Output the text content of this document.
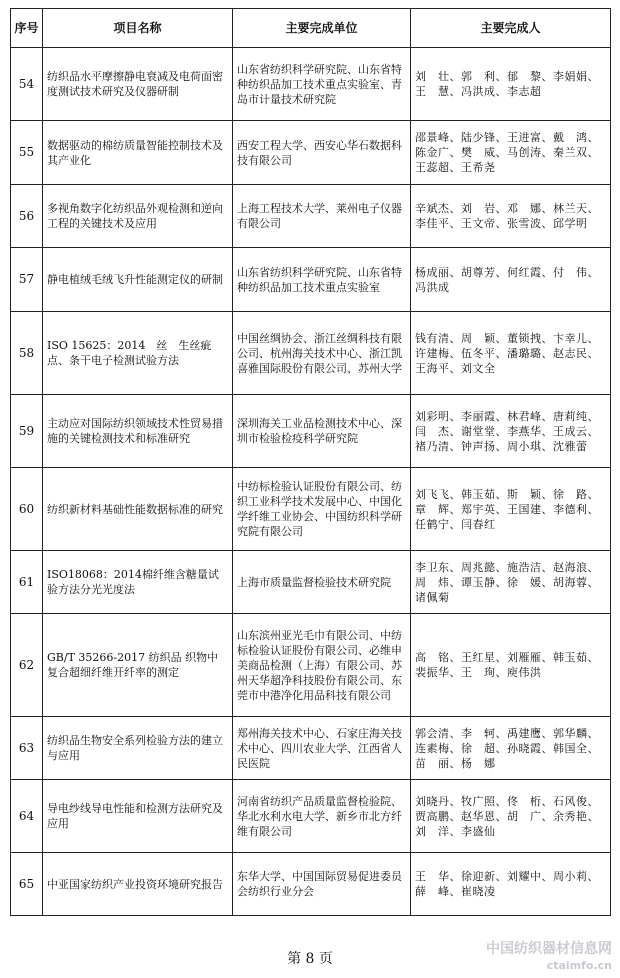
序号	项目名称	主要完成单位	主要完成人
54	纺织品水平摩擦静电衰减及电荷面密度测试技术研究及仪器研制	山东省纺织科学研究院、山东省特种纺织品加工技术重点实验室、青岛市计量技术研究院	刘　壮、郭　利、郁　黎、李娟娟、王　慧、冯洪成、李志超
55	数据驱动的棉纺质量智能控制技术及其产业化	西安工程大学、西安心华石数据科技有限公司	邵景峰、陆少锋、王进富、戴　鸿、陈金广、樊　威、马创涛、秦兰双、王蕊超、王希尧
56	多视角数字化纺织品外观检测和逆向工程的关键技术及应用	上海工程技术大学、莱州电子仪器有限公司	辛斌杰、刘　岩、邓　娜、林兰天、李佳平、王文帝、张雪波、邱学明
57	静电植绒毛绒飞升性能测定仪的研制	山东省纺织科学研究院、山东省特种纺织品加工技术重点实验室	杨成丽、胡尊芳、何红霞、付　伟、冯洪成
58	ISO 15625：2014　丝　生丝疵点、条干电子检测试验方法	中国丝绸协会、浙江丝绸科技有限公司、杭州海关技术中心、浙江凯喜雅国际股份有限公司、苏州大学	钱有清、周　颖、董锁拽、卞幸儿、许建梅、伍冬平、潘璐璐、赵志民、王海平、刘文全
59	主动应对国际纺织领域技术性贸易措施的关键检测技术和标准研究	深圳海关工业品检测技术中心、深圳市检验检疫科学研究院	刘彩明、李丽霞、林君峰、唐莉纯、闫　杰、谢堂堂、李燕华、王成云、褚乃清、钟声扬、周小琪、沈雅蕾
60	纺织新材料基础性能数据标准的研究	中纺标检验认证股份有限公司、纺织工业科学技术发展中心、中国化学纤维工业协会、中国纺织科学研究院有限公司	刘飞飞、韩玉茹、斯　颖、徐　路、章　辉、郑宇英、王国建、李德利、任鹤宁、闫春红
61	ISO18068：2014棉纤维含糖量试验方法分光光度法	上海市质量监督检验技术研究院	李卫东、周兆懿、施浩洁、赵海浪、周　炜、谭玉静、徐　媛、胡海蓉、诸佩菊
62	GB/T 35266-2017 纺织品 织物中复合超细纤维开纤率的测定	山东滨州亚光毛巾有限公司、中纺标检验认证股份有限公司、必维申美商品检测（上海）有限公司、苏州天华超净科技股份有限公司、东莞市中港净化用品科技有限公司	高　铭、王红星、刘雁雁、韩玉茹、裴振华、王　珣、庾伟洪
63	纺织品生物安全系列检验方法的建立与应用	郑州海关技术中心、石家庄海关技术中心、四川农业大学、江西省人民医院	郭会清、李　轲、禹建鹰、郭华麟、连素梅、徐　超、孙晓霞、韩国全、苗　丽、杨　娜
64	导电纱线导电性能和检测方法研究及应用	河南省纺织产品质量监督检验院、华北水利水电大学、新乡市北方纤维有限公司	刘晓丹、牧广照、佟　桁、石风俊、贾高鹏、赵华恩、胡　广、余秀艳、刘　洋、李盛仙
65	中亚国家纺织产业投资环境研究报告	东华大学、中国国际贸易促进委员会纺织行业分会	王　华、徐迎新、刘耀中、周小莉、薛　峰、崔晓凌
第 8 页
中国纺织器材信息网
ctaimfo.cn
